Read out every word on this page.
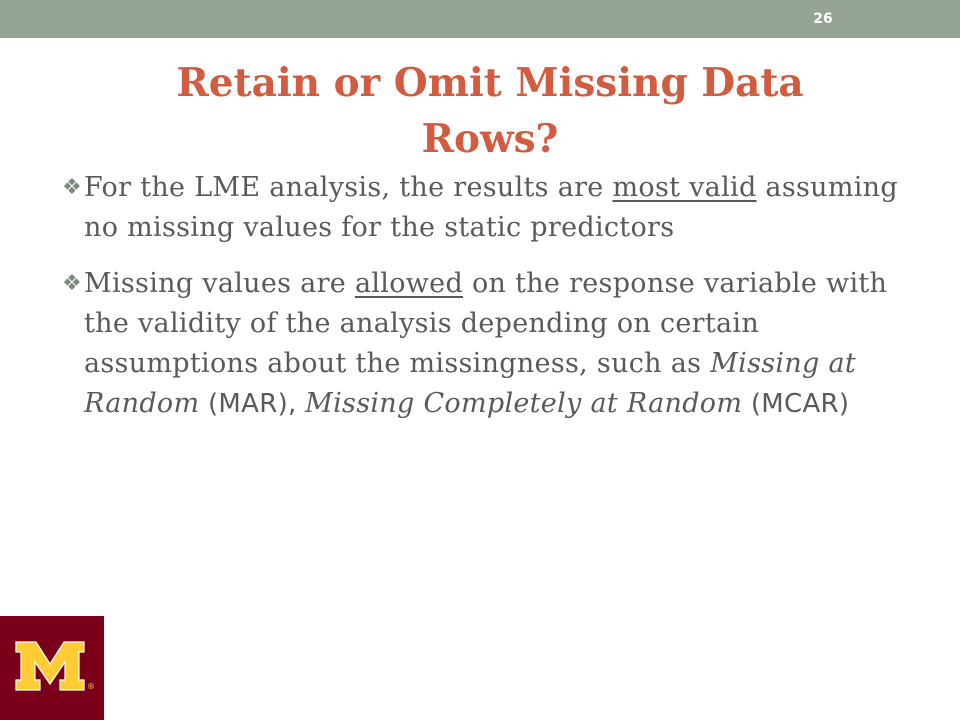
26
Retain or Omit Missing Data Rows?
❖ For the LME analysis, the results are most valid assuming no missing values for the static predictors
❖ Missing values are allowed on the response variable with the validity of the analysis depending on certain assumptions about the missingness, such as Missing at Random (MAR), Missing Completely at Random (MCAR)
®
